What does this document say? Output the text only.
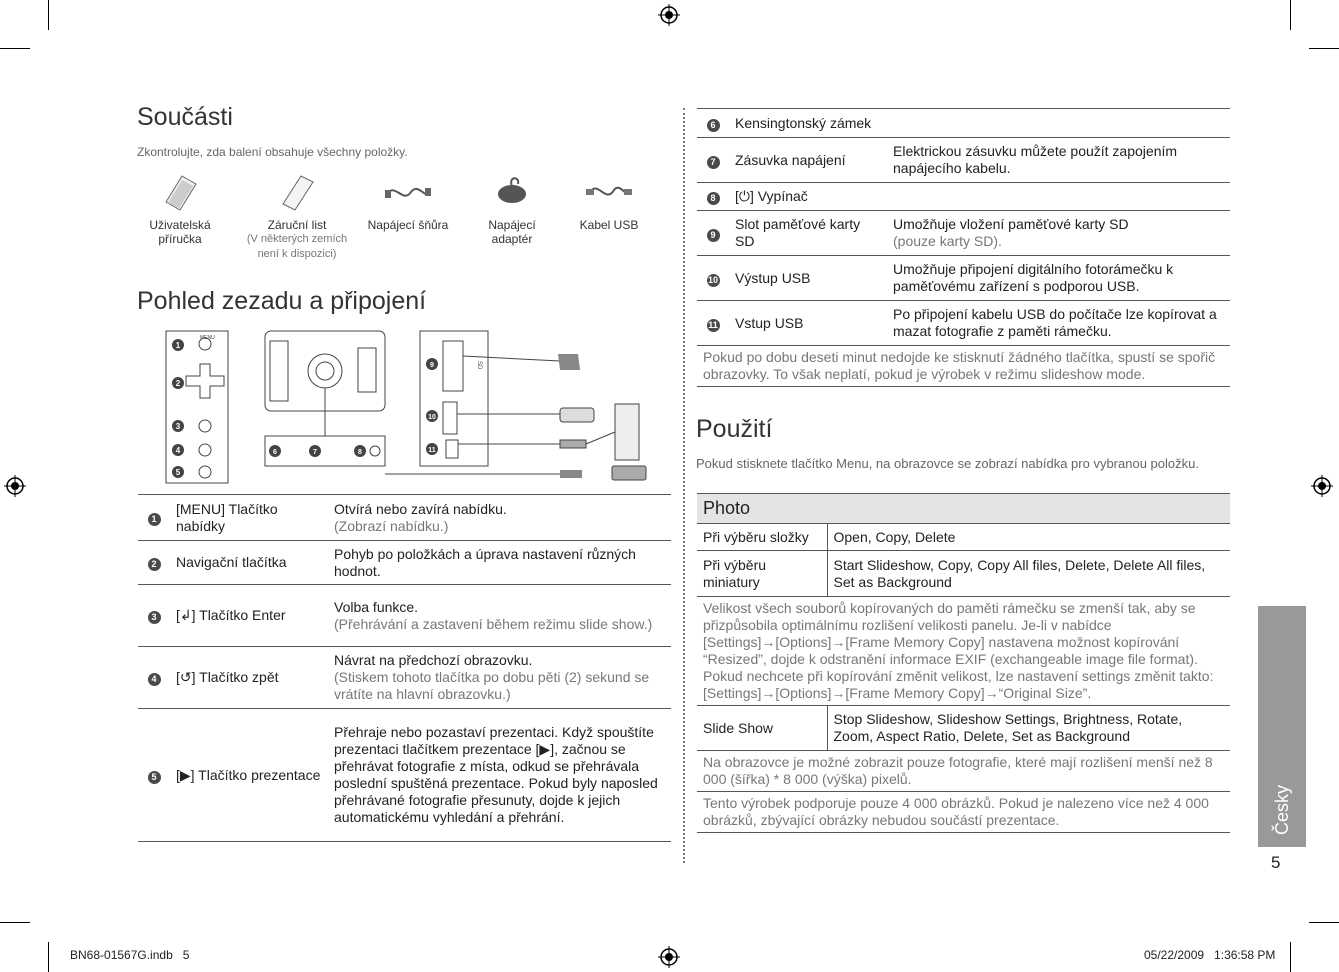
Součásti
Zkontrolujte, zda balení obsahuje všechny položky.
Uživatelská příručka
Záruční list
(V některých zemích není k dispozici)
Napájecí šňůra	Napájecí adaptér
Kabel USB
Pohled zezadu a připojení
MENU
1
2
3
4
5
6	7	8
SD
9
10
11
1	[MENU] Tlačítko nabídky	Otvírá nebo zavírá nabídku.
(Zobrazí nabídku.)

2	Navigační tlačítka	Pohyb po položkách a úprava nastavení různých hodnot.

3	[↲] Tlačítko Enter	Volba funkce.
(Přehrávání a zastavení během režimu slide show.)

4	[↺] Tlačítko zpět	Návrat na předchozí obrazovku.
(Stiskem tohoto tlačítka po dobu pěti (2) sekund se vrátíte na hlavní obrazovku.)

5	[▶] Tlačítko prezentace	Přehraje nebo pozastaví prezentaci. Když spouštíte prezentaci tlačítkem prezentace [▶], začnou se přehrávat fotografie z místa, odkud se přehrávala poslední spuštěná prezentace. Pokud byly naposled přehrávané fotografie přesunuty, dojde k jejich automatickému vyhledání a přehrání.
6	Kensingtonský zámek	
7	Zásuvka napájení	Elektrickou zásuvku můžete použít zapojením napájecího kabelu.
8	[⏻] Vypínač	
9	Slot paměťové karty SD	Umožňuje vložení paměťové karty SD
(pouze karty SD).

10	Výstup USB	Umožňuje připojení digitálního fotorámečku k paměťovému zařízení s podporou USB.
11	Vstup USB	Po připojení kabelu USB do počítače lze kopírovat a mazat fotografie z paměti rámečku.
Pokud po dobu deseti minut nedojde ke stisknutí žádného tlačítka, spustí se spořič obrazovky. To však neplatí, pokud je výrobek v režimu slideshow mode.		
Použití
Pokud stisknete tlačítko Menu, na obrazovce se zobrazí nabídka pro vybranou položku.
Photo	
Při výběru složky	Open, Copy, Delete
Při výběru miniatury	Start Slideshow, Copy, Copy All files, Delete, Delete All files, Set as Background
Velikost všech souborů kopírovaných do paměti rámečku se zmenší tak, aby se přizpůsobila optimálnímu rozlišení velikosti panelu. Je-li v nabídce [Settings]→[Options]→[Frame Memory Copy] nastavena možnost kopírování “Resized”, dojde k odstranění informace EXIF (exchangeable image file format). Pokud nechcete při kopírování změnit velikost, lze nastavení settings změnit takto: [Settings]→[Options]→[Frame Memory Copy]→“Original Size”.	
Slide Show	Stop Slideshow, Slideshow Settings, Brightness, Rotate, Zoom, Aspect Ratio, Delete, Set as Background
Na obrazovce je možné zobrazit pouze fotografie, které mají rozlišení menší než 8 000 (šířka) * 8 000 (výška) pixelů.	
Tento výrobek podporuje pouze 4 000 obrázků. Pokud je nalezeno více než 4 000 obrázků, zbývající obrázky nebudou součástí prezentace.		Česky
5
BN68-01567G.indb   5	05/22/2009   1:36:58 PM
